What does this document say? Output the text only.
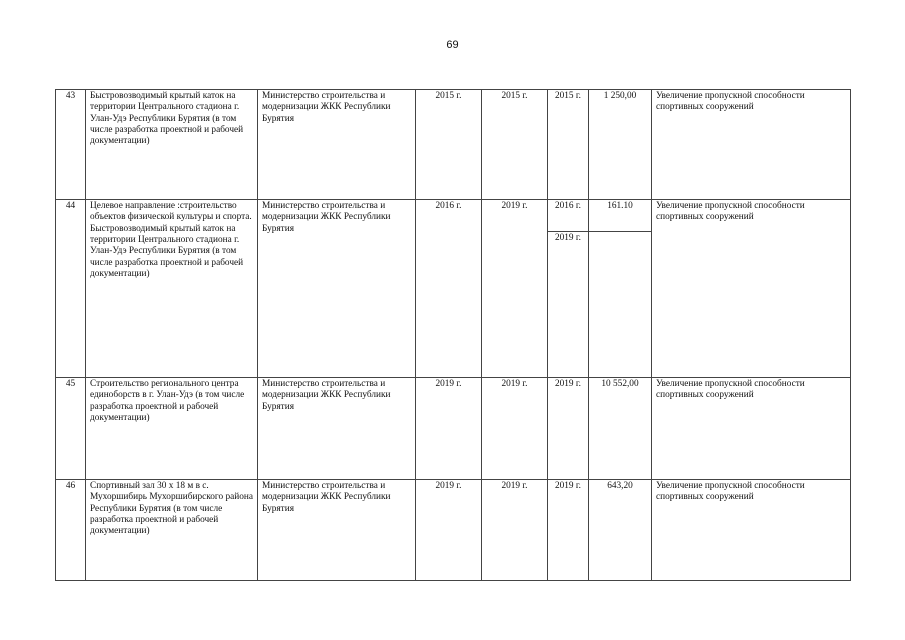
69
43	Быстровозводимый крытый каток на территории Центрального стадиона г. Улан-Удэ Республики Бурятия (в том числе разработка проектной и рабочей документации)	Министерство строительства и модернизации ЖКК Республики Бурятия	2015 г.	2015 г.	2015 г.	1 250,00	Увеличение пропускной способности спортивных сооружений
44	Целевое направление :строительство объектов физической культуры и спорта. Быстровозводимый крытый каток на территории Центрального стадиона г. Улан-Удэ Республики Бурятия (в том числе разработка проектной и рабочей документации)	Министерство строительства и модернизации ЖКК Республики Бурятия	2016 г.	2019 г.	2016 г.	161.10	Увеличение пропускной способности спортивных сооружений
					2019 г.		
45	Строительство регионального центра единоборств в г. Улан-Удэ (в том числе разработка проектной и рабочей документации)	Министерство строительства и модернизации ЖКК Республики Бурятия	2019 г.	2019 г.	2019 г.	10 552,00	Увеличение пропускной способности спортивных сооружений
46	Спортивный зал 30 х 18 м в с. Мухоршибирь Мухоршибирского района Республики Бурятия (в том числе разработка проектной и рабочей документации)	Министерство строительства и модернизации ЖКК Республики Бурятия	2019 г.	2019 г.	2019 г.	643,20	Увеличение пропускной способности спортивных сооружений
